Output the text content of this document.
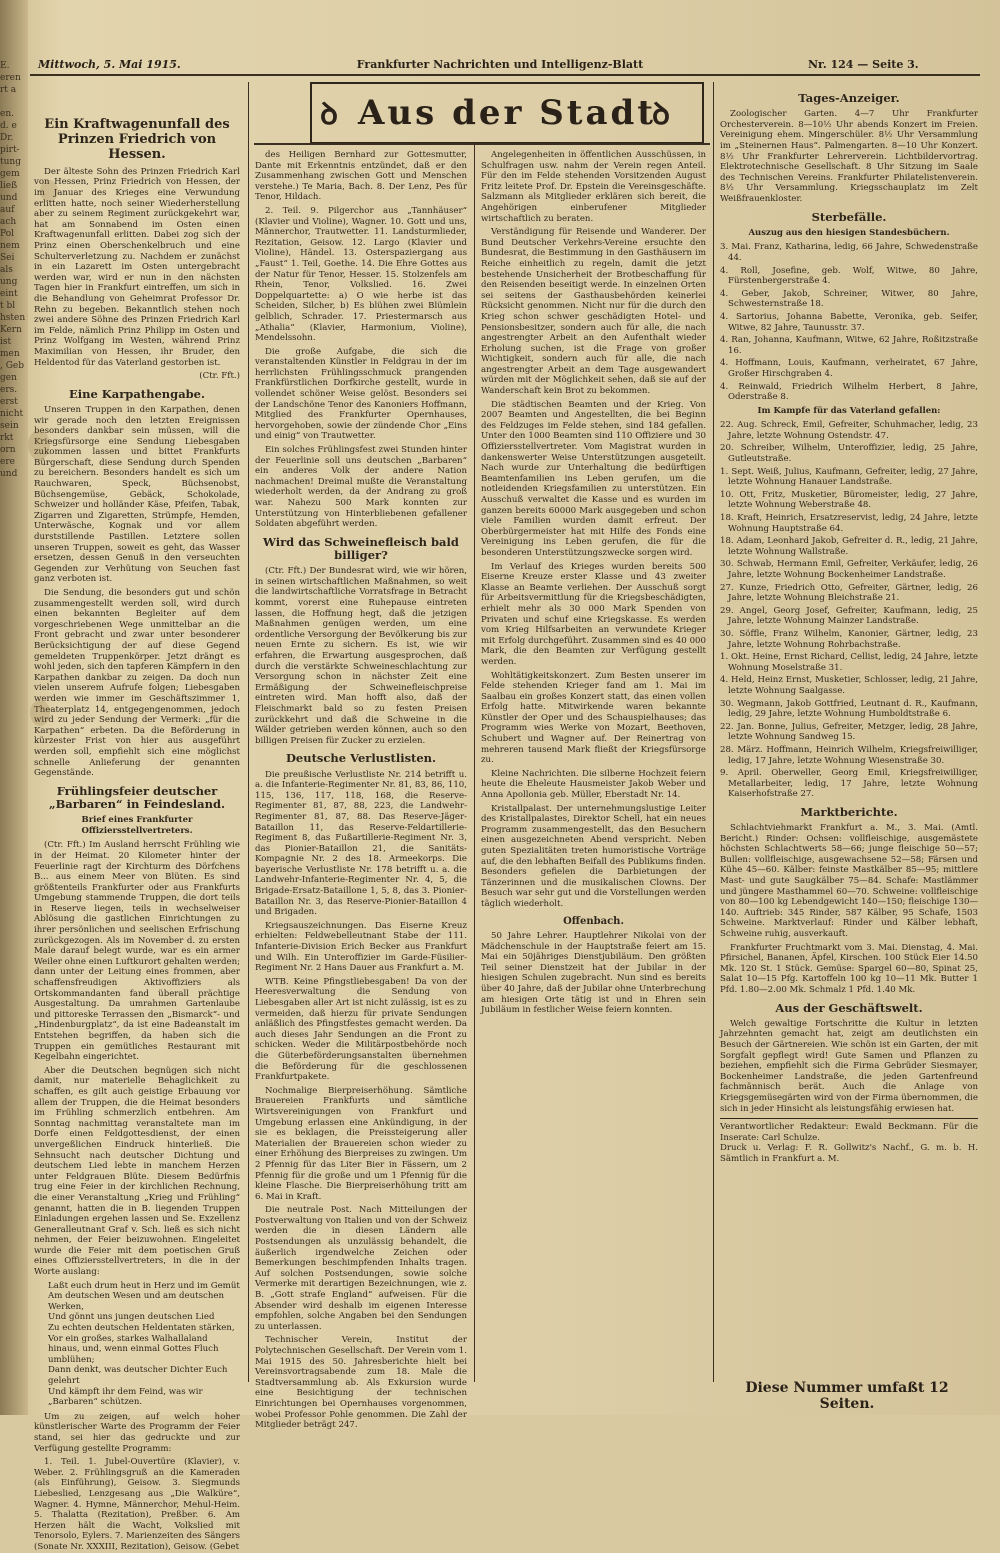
E.
eren
rt a
en.
d. e
Dr.
pirt-
tung
gem
ließ
und
auf
ach
Pol
nem
Sei
als
ung
eint
t bl
hsten
Kern
ist
men
, Geb
gen
ers.
erst
nicht
sein
rkt
orn
ere
und
Mittwoch, 5. Mai 1915.	Frankfurter Nachrichten und Intelligenz-Blatt	Nr. 124 — Seite 3.
ꝺ Aus der Stadt
ꝺ
Ein Kraftwagenunfall des Prinzen Friedrich von Hessen.

Der älteste Sohn des Prinzen Friedrich Karl von Hessen, Prinz Friedrich von Hessen, der im Januar des Krieges eine Verwundung erlitten hatte, noch seiner Wiederherstellung aber zu seinem Regiment zurückgekehrt war, hat am Sonnabend im Osten einen Kraftwagenunfall erlitten. Dabei zog sich der Prinz einen Oberschenkelbruch und eine Schulterverletzung zu. Nachdem er zunächst in ein Lazarett im Osten untergebracht werden war, wird er nun in den nächsten Tagen hier in Frankfurt eintreffen, um sich in die Behandlung von Geheimrat Professor Dr. Rehn zu begeben. Bekanntlich stehen noch zwei andere Söhne des Prinzen Friedrich Karl im Felde, nämlich Prinz Philipp im Osten und Prinz Wolfgang im Westen, während Prinz Maximilian von Hessen, ihr Bruder, den Heldentod für das Vaterland gestorben ist.

(Ctr. Fft.)
Eine Karpathengabe.

Unseren Truppen in den Karpathen, denen wir gerade noch den letzten Ereignissen besonders dankbar sein müssen, will die Kriegsfürsorge eine Sendung Liebesgaben zukommen lassen und bittet Frankfurts Bürgerschaft, diese Sendung durch Spenden zu bereichern. Besonders handelt es sich um Rauchwaren, Speck, Büchsenobst, Büchsengemüse, Gebäck, Schokolade, Schweizer und holländer Käse, Pfeifen, Tabak, Zigarren und Zigaretten, Strümpfe, Hemden, Unterwäsche, Kognak und vor allem durststillende Pastillen. Letztere sollen unseren Truppen, soweit es geht, das Wasser ersetzen, dessen Genuß in den verseuchten Gegenden zur Verhütung von Seuchen fast ganz verboten ist.

Die Sendung, die besonders gut und schön zusammengestellt werden soll, wird durch einen bekannten Begleiter auf dem vorgeschriebenen Wege unmittelbar an die Front gebracht und zwar unter besonderer Berücksichtigung der auf diese Gegend gemeldeten Truppenkörper. Jetzt drängt es wohl jeden, sich den tapferen Kämpfern in den Karpathen dankbar zu zeigen. Da doch nun vielen unserem Aufrufe folgen; Liebesgaben werden wie immer im Geschäftszimmer 1, Theaterplatz 14, entgegengenommen, jedoch wird zu jeder Sendung der Vermerk: „für die Karpathen“ erbeten. Da die Beförderung in kürzester Frist von hier aus ausgeführt werden soll, empfiehlt sich eine möglichst schnelle Anlieferung der genannten Gegenstände.

Frühlingsfeier deutscher „Barbaren“ in Feindesland.
Brief eines Frankfurter Offiziersstellvertreters.

(Ctr. Fft.) Im Ausland herrscht Frühling wie in der Heimat. 20 Kilometer hinter der Feuerlinie ragt der Kirchturm des Dörfchens B... aus einem Meer von Blüten. Es sind größtenteils Frankfurter oder aus Frankfurts Umgebung stammende Truppen, die dort teils in Reserve liegen, teils in wechselweiser Ablösung die gastlichen Einrichtungen zu ihrer persönlichen und seelischen Erfrischung zurückgezogen. Als im November d. zu ersten Male darauf belegt wurde, war es ein armer Weiler ohne einen Luftkurort gehalten werden; dann unter der Leitung eines frommen, aber schaffensfreudigen Aktivoffiziers als Ortskommandanten fand überall prächtige Ausgestaltung. Da umrahmen Gartenlaube und pittoreske Terrassen den „Bismarck“- und „Hindenburgplatz“, da ist eine Badeanstalt im Entstehen begriffen, da haben sich die Truppen ein gemütliches Restaurant mit Kegelbahn eingerichtet.

Aber die Deutschen begnügen sich nicht damit, nur materielle Behaglichkeit zu schaffen, es gilt auch geistige Erbauung vor allem der Truppen, die die Heimat besonders im Frühling schmerzlich entbehren. Am Sonntag nachmittag veranstaltete man im Dorfe einen Feldgottesdienst, der einen unvergeßlichen Eindruck hinterließ. Die Sehnsucht nach deutscher Dichtung und deutschem Lied lebte in manchem Herzen unter Feldgrauen Blüte. Diesem Bedürfnis trug eine Feier in der kirchlichen Rechnung, die einer Veranstaltung „Krieg und Frühling“ genannt, hatten die in B. liegenden Truppen Einladungen ergehen lassen und Se. Exzellenz Generalleutnant Graf v. Sch. ließ es sich nicht nehmen, der Feier beizuwohnen. Eingeleitet wurde die Feier mit dem poetischen Gruß eines Offiziersstellvertreters, in die in der Worte auslang:

Laßt euch drum heut in Herz und im Gemüt
Am deutschen Wesen und am deutschen Werken,
Und gönnt uns jungen deutschen Lied
Zu echten deutschen Heldentaten stärken,
Vor ein großes, starkes Walhallaland
hinaus, und, wenn einmal Gottes Fluch umblühen;
Dann denkt, was deutscher Dichter Euch gelehrt
Und kämpft ihr dem Feind, was wir „Barbaren“ schützen.

Um zu zeigen, auf welch hoher künstlerischer Warte des Programm der Feier stand, sei hier das gedruckte und zur Verfügung gestellte Programm:

1. Teil. 1. Jubel-Ouvertüre (Klavier), v. Weber. 2. Frühlingsgruß an die Kameraden (als Einführung), Geisow. 3. Siegmunds Liebeslied, Lenzgesang aus „Die Walküre“, Wagner. 4. Hymne, Männerchor, Mehul-Heim. 5. Thalatta (Rezitation), Preßber. 6. Am Herzen hält die Wacht, Volkslied mit Tenorsolo, Eylers. 7. Marienzeiten des Sängers (Sonate Nr. XXXIII, Rezitation), Geisow. (Gebet

des Heiligen Bernhard zur Gottesmutter, Dante mit Erkenntnis entzündet, daß er den Zusammenhang zwischen Gott und Menschen verstehe.) Te Maria, Bach. 8. Der Lenz, Pes für Tenor, Hildach.

2. Teil. 9. Pilgerchor aus „Tannhäuser“ (Klavier und Violine), Wagner. 10. Gott und uns, Männerchor, Trautwetter. 11. Landsturmlieder, Rezitation, Geisow. 12. Largo (Klavier und Violine), Händel. 13. Osterspaziergang aus „Faust“ 1. Teil, Goethe. 14. Die Ehre Gottes aus der Natur für Tenor, Hesser. 15. Stolzenfels am Rhein, Tenor, Volkslied. 16. Zwei Doppelquartette: a) O wie herbe ist das Scheiden, Silcher, b) Es blühen zwei Blümlein gelblich, Schrader. 17. Priestermarsch aus „Athalia“ (Klavier, Harmonium, Violine), Mendelssohn.

Die große Aufgabe, die sich die veranstaltenden Künstler in Feldgrau in der im herrlichsten Frühlingsschmuck prangenden Frankfürstlichen Dorfkirche gestellt, wurde in vollendet schöner Weise gelöst. Besonders sei der Landschöne Tenor des Kanoniers Hoffmann, Mitglied des Frankfurter Opernhauses, hervorgehoben, sowie der zündende Chor „Eins und einig“ von Trautwetter.

Ein solches Frühlingsfest zwei Stunden hinter der Feuerlinie soll uns deutschen „Barbaren“ ein anderes Volk der andere Nation nachmachen! Dreimal mußte die Veranstaltung wiederholt werden, da der Andrang zu groß war. Nahezu 500 Mark konnten zur Unterstützung von Hinterbliebenen gefallener Soldaten abgeführt werden.

Wird das Schweinefleisch bald billiger?

(Ctr. Fft.) Der Bundesrat wird, wie wir hören, in seinen wirtschaftlichen Maßnahmen, so weit die landwirtschaftliche Vorratsfrage in Betracht kommt, vorerst eine Ruhepause eintreten lassen, die Hoffnung hegt, daß die jetzigen Maßnahmen genügen werden, um eine ordentliche Versorgung der Bevölkerung bis zur neuen Ernte zu sichern. Es ist, wie wir erfahren, die Erwartung ausgesprochen, daß durch die verstärkte Schweineschlachtung zur Versorgung schon in nächster Zeit eine Ermäßigung der Schweinefleischpreise eintreten wird. Man hofft also, daß der Fleischmarkt bald so zu festen Preisen zurückkehrt und daß die Schweine in die Wälder getrieben werden können, auch so den billigen Preisen für Zucker zu erzielen.

Deutsche Verlustlisten.

Die preußische Verlustliste Nr. 214 betrifft u. a. die Infanterie-Regimenter Nr. 81, 83, 86, 110, 115, 136, 117, 118, 168, die Reserve-Regimenter 81, 87, 88, 223, die Landwehr-Regimenter 81, 87, 88. Das Reserve-Jäger-Bataillon 11, das Reserve-Feldartillerie-Regiment 8, das Fußartillerie-Regiment Nr. 3, das Pionier-Bataillon 21, die Sanitäts-Kompagnie Nr. 2 des 18. Armeekorps. Die bayerische Verlustliste Nr. 178 betrifft u. a. die Landwehr-Infanterie-Regimenter Nr. 4, 5, die Brigade-Ersatz-Bataillone 1, 5, 8, das 3. Pionier-Bataillon Nr. 3, das Reserve-Pionier-Bataillon 4 und Brigaden.

Kriegsauszeichnungen. Das Eiserne Kreuz erhielten: Feldwebelleutnant Stabe der 111. Infanterie-Division Erich Becker aus Frankfurt und Wilh. Ein Unteroffizier im Garde-Füsilier-Regiment Nr. 2 Hans Dauer aus Frankfurt a. M.

WTB. Keine Pfingstliebesgaben! Da von der Heeresverwaltung die Sendung von Liebesgaben aller Art ist nicht zulässig, ist es zu vermeiden, daß hierzu für private Sendungen anläßlich des Pfingstfestes gemacht werden. Da auch dieses Jahr Sendungen an die Front zu schicken. Weder die Militärpostbehörde noch die Güterbeförderungsanstalten übernehmen die Beförderung für die geschlossenen Frankfurtpakete.

Nochmalige Bierpreiserhöhung. Sämtliche Brauereien Frankfurts und sämtliche Wirtsvereinigungen von Frankfurt und Umgebung erlassen eine Ankündigung, in der sie es beklagen, die Preissteigerung aller Materialien der Brauereien schon wieder zu einer Erhöhung des Bierpreises zu zwingen. Um 2 Pfennig für das Liter Bier in Fässern, um 2 Pfennig für die große und um 1 Pfennig für die kleine Flasche. Die Bierpreiserhöhung tritt am 6. Mai in Kraft.

Die neutrale Post. Nach Mitteilungen der Postverwaltung von Italien und von der Schweiz werden die in diesen Ländern alle Postsendungen als unzulässig behandelt, die äußerlich irgendwelche Zeichen oder Bemerkungen beschimpfenden Inhalts tragen. Auf solchen Postsendungen, sowie solche Vermerke mit derartigen Bezeichnungen, wie z. B. „Gott strafe England“ aufweisen. Für die Absender wird deshalb im eigenen Interesse empfohlen, solche Angaben bei den Sendungen zu unterlassen.

Technischer Verein, Institut der Polytechnischen Gesellschaft. Der Verein vom 1. Mai 1915 des 50. Jahresberichte hielt bei Vereinsvortragsabende zum 18. Male die Stadtversammlung ab. Als Exkursion wurde eine Besichtigung der technischen Einrichtungen bei Opernhauses vorgenommen, wobei Professor Pohle genommen. Die Zahl der Mitglieder beträgt 247.

Angelegenheiten in öffentlichen Ausschüssen, in Schulfragen usw. nahm der Verein regen Anteil. Für den im Felde stehenden Vorsitzenden August Fritz leitete Prof. Dr. Epstein die Vereinsgeschäfte. Salzmann als Mitglieder erklären sich bereit, die Angehörigen einberufener Mitglieder wirtschaftlich zu beraten.

Verständigung für Reisende und Wanderer. Der Bund Deutscher Verkehrs-Vereine ersuchte den Bundesrat, die Bestimmung in den Gasthäusern im Reiche einheitlich zu regeln, damit die jetzt bestehende Unsicherheit der Brotbeschaffung für den Reisenden beseitigt werde. In einzelnen Orten sei seitens der Gasthausbehörden keinerlei Rücksicht genommen. Nicht nur für die durch den Krieg schon schwer geschädigten Hotel- und Pensionsbesitzer, sondern auch für alle, die nach angestrengter Arbeit an den Aufenthalt wieder Erholung suchen, ist die Frage von großer Wichtigkeit, sondern auch für alle, die nach angestrengter Arbeit an dem Tage ausgewandert würden mit der Möglichkeit sehen, daß sie auf der Wanderschaft kein Brot zu bekommen.

Die städtischen Beamten und der Krieg. Von 2007 Beamten und Angestellten, die bei Beginn des Feldzuges im Felde stehen, sind 184 gefallen. Unter den 1000 Beamten sind 110 Offiziere und 30 Offiziersstellvertreter. Vom Magistrat wurden in dankenswerter Weise Unterstützungen ausgeteilt. Nach wurde zur Unterhaltung die bedürftigen Beamtenfamilien ins Leben gerufen, um die notleidenden Kriegsfamilien zu unterstützen. Ein Ausschuß verwaltet die Kasse und es wurden im ganzen bereits 60000 Mark ausgegeben und schon viele Familien wurden damit erfreut. Der Oberbürgermeister hat mit Hilfe des Fonds eine Vereinigung ins Leben gerufen, die für die besonderen Unterstützungszwecke sorgen wird.

Im Verlauf des Krieges wurden bereits 500 Eiserne Kreuze erster Klasse und 43 zweiter Klasse an Beamte verliehen. Der Ausschuß sorgt für Arbeitsvermittlung für die Kriegsbeschädigten, erhielt mehr als 30 000 Mark Spenden von Privaten und schuf eine Kriegskasse. Es werden vom Krieg Hilfsarbeiten an verwundete Krieger mit Erfolg durchgeführt. Zusammen sind es 40 000 Mark, die den Beamten zur Verfügung gestellt werden.

Wohltätigkeitskonzert. Zum Besten unserer im Felde stehenden Krieger fand am 1. Mai im Saalbau ein großes Konzert statt, das einen vollen Erfolg hatte. Mitwirkende waren bekannte Künstler der Oper und des Schauspielhauses; das Programm wies Werke von Mozart, Beethoven, Schubert und Wagner auf. Der Reinertrag von mehreren tausend Mark fließt der Kriegsfürsorge zu.

Kleine Nachrichten. Die silberne Hochzeit feiern heute die Eheleute Hausmeister Jakob Weber und Anna Apollonia geb. Müller, Eberstadt Nr. 14.

Kristallpalast. Der unternehmungslustige Leiter des Kristallpalastes, Direktor Schell, hat ein neues Programm zusammengestellt, das den Besuchern einen ausgezeichneten Abend verspricht. Neben guten Spezialitäten treten humoristische Vorträge auf, die den lebhaften Beifall des Publikums finden. Besonders gefielen die Darbietungen der Tänzerinnen und die musikalischen Clowns. Der Besuch war sehr gut und die Vorstellungen werden täglich wiederholt.

Offenbach.

50 Jahre Lehrer. Hauptlehrer Nikolai von der Mädchenschule in der Hauptstraße feiert am 15. Mai ein 50jähriges Dienstjubiläum. Den größten Teil seiner Dienstzeit hat der Jubilar in der hiesigen Schulen zugebracht. Nun sind es bereits über 40 Jahre, daß der Jubilar ohne Unterbrechung am hiesigen Orte tätig ist und in Ehren sein Jubiläum in festlicher Weise feiern konnten.

Tages-Anzeiger.

Zoologischer Garten. 4—7 Uhr Frankfurter Orchesterverein. 8—10½ Uhr abends Konzert im Freien. Vereinigung ehem. Mingerschüler. 8½ Uhr Versammlung im „Steinernen Haus“. Palmengarten. 8—10 Uhr Konzert. 8½ Uhr Frankfurter Lehrerverein. Lichtbildervortrag. Elektrotechnische Gesellschaft. 8 Uhr Sitzung im Saale des Technischen Vereins. Frankfurter Philatelistenverein. 8½ Uhr Versammlung. Kriegsschauplatz im Zelt Weißfrauenkloster.

Sterbefälle.
Auszug aus den hiesigen Standesbüchern.

3. Mai. Franz, Katharina, ledig, 66 Jahre, Schwedenstraße 44.

4. Roll, Josefine, geb. Wolf, Witwe, 80 Jahre, Fürstenbergerstraße 4.

4. Geber, Jakob, Schreiner, Witwer, 80 Jahre, Schwesternstraße 18.

4. Sartorius, Johanna Babette, Veronika, geb. Seifer, Witwe, 82 Jahre, Taunusstr. 37.

4. Ran, Johanna, Kaufmann, Witwe, 62 Jahre, Roßitzstraße 16.

4. Hoffmann, Louis, Kaufmann, verheiratet, 67 Jahre, Großer Hirschgraben 4.

4. Reinwald, Friedrich Wilhelm Herbert, 8 Jahre, Oderstraße 8.

Im Kampfe für das Vaterland gefallen:

22. Aug. Schreck, Emil, Gefreiter, Schuhmacher, ledig, 23 Jahre, letzte Wohnung Ostendstr. 47.

20. Schreiber, Wilhelm, Unteroffizier, ledig, 25 Jahre, Gutleutstraße.

1. Sept. Weiß, Julius, Kaufmann, Gefreiter, ledig, 27 Jahre, letzte Wohnung Hanauer Landstraße.

10. Ott, Fritz, Musketier, Büromeister, ledig, 27 Jahre, letzte Wohnung Weberstraße 48.

18. Kraft, Heinrich, Ersatzreservist, ledig, 24 Jahre, letzte Wohnung Hauptstraße 64.

18. Adam, Leonhard Jakob, Gefreiter d. R., ledig, 21 Jahre, letzte Wohnung Wallstraße.

30. Schwab, Hermann Emil, Gefreiter, Verkäufer, ledig, 26 Jahre, letzte Wohnung Bockenheimer Landstraße.

27. Kunze, Friedrich Otto, Gefreiter, Gärtner, ledig, 26 Jahre, letzte Wohnung Bleichstraße 21.

29. Angel, Georg Josef, Gefreiter, Kaufmann, ledig, 25 Jahre, letzte Wohnung Mainzer Landstraße.

30. Söffle, Franz Wilhelm, Kanonier, Gärtner, ledig, 23 Jahre, letzte Wohnung Rohrbachstraße.

1. Okt. Heine, Ernst Richard, Cellist, ledig, 24 Jahre, letzte Wohnung Moselstraße 31.

4. Held, Heinz Ernst, Musketier, Schlosser, ledig, 21 Jahre, letzte Wohnung Saalgasse.

30. Wegmann, Jakob Gottfried, Leutnant d. R., Kaufmann, ledig, 29 Jahre, letzte Wohnung Humboldtstraße 6.

22. Jan. Bonne, Julius, Gefreiter, Metzger, ledig, 28 Jahre, letzte Wohnung Sandweg 15.

28. März. Hoffmann, Heinrich Wilhelm, Kriegsfreiwilliger, ledig, 17 Jahre, letzte Wohnung Wiesenstraße 30.

9. April. Oberweller, Georg Emil, Kriegsfreiwilliger, Metallarbeiter, ledig, 17 Jahre, letzte Wohnung Kaiserhofstraße 27.

Marktberichte.

Schlachtviehmarkt Frankfurt a. M., 3. Mai. (Amtl. Bericht.) Rinder: Ochsen: vollfleischige, ausgemästete höchsten Schlachtwerts 58—66; junge fleischige 50—57; Bullen: vollfleischige, ausgewachsene 52—58; Färsen und Kühe 45—60. Kälber: feinste Mastkälber 85—95; mittlere Mast- und gute Saugkälber 75—84. Schafe: Mastlämmer und jüngere Masthammel 60—70. Schweine: vollfleischige von 80—100 kg Lebendgewicht 140—150; fleischige 130—140. Auftrieb: 345 Rinder, 587 Kälber, 95 Schafe, 1503 Schweine. Marktverlauf: Rinder und Kälber lebhaft, Schweine ruhig, ausverkauft.

Frankfurter Fruchtmarkt vom 3. Mai. Dienstag, 4. Mai. Pfirsichel, Bananen, Äpfel, Kirschen. 100 Stück Eier 14.50 Mk. 120 St. 1 Stück. Gemüse: Spargel 60—80, Spinat 25, Salat 10—15 Pfg. Kartoffeln 100 kg 10—11 Mk. Butter 1 Pfd. 1.80—2.00 Mk. Schmalz 1 Pfd. 1.40 Mk.

Aus der Geschäftswelt.

Welch gewaltige Fortschritte die Kultur in letzten Jahrzehnten gemacht hat, zeigt am deutlichsten ein Besuch der Gärtnereien. Wie schön ist ein Garten, der mit Sorgfalt gepflegt wird! Gute Samen und Pflanzen zu beziehen, empfiehlt sich die Firma Gebrüder Siesmayer, Bockenheimer Landstraße, die jeden Gartenfreund fachmännisch berät. Auch die Anlage von Kriegsgemüsegärten wird von der Firma übernommen, die sich in jeder Hinsicht als leistungsfähig erwiesen hat.

Verantwortlicher Redakteur: Ewald Beckmann. Für die Inserate: Carl Schulze.
Druck u. Verlag: F. R. Gollwitz's Nachf., G. m. b. H. Sämtlich in Frankfurt a. M.
Diese Nummer umfaßt 12 Seiten.
